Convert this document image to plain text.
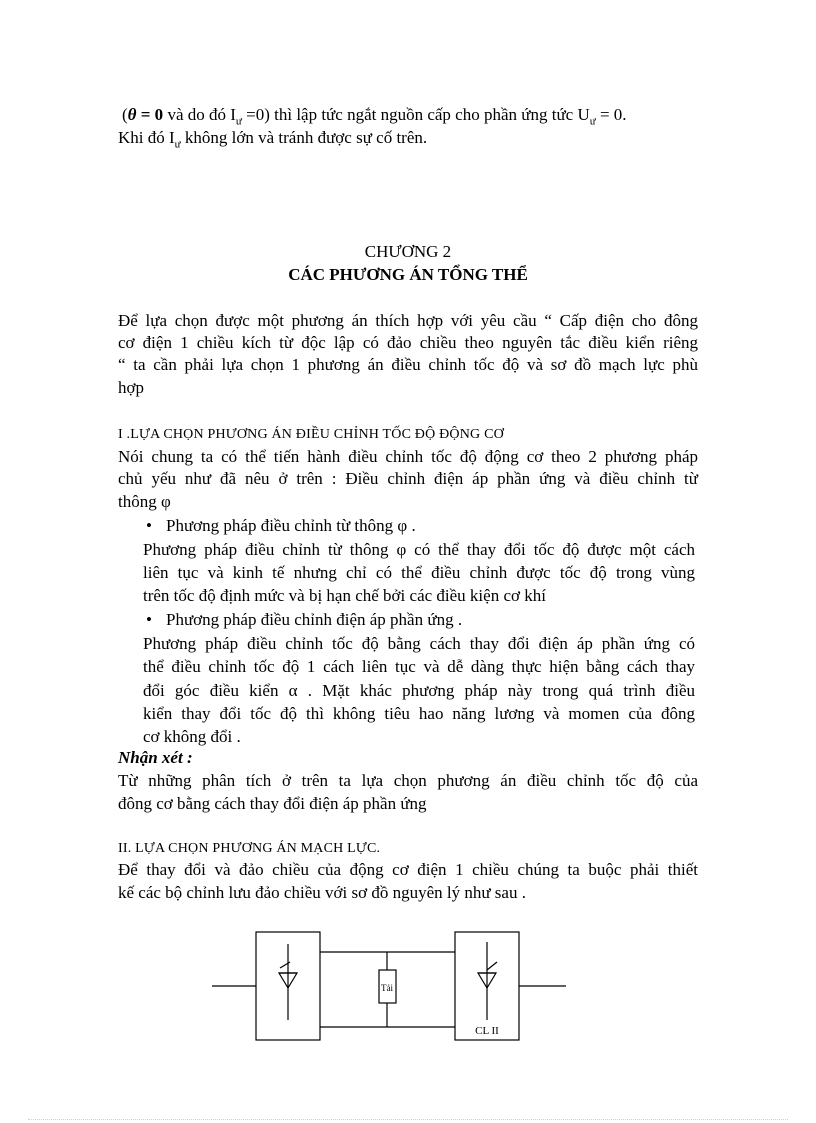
(θ = 0 và do đó $I_ư =0$) thì lập tức ngắt nguồn cấp cho phần ứng tức $U_ư = 0$.

Khi đó $I_ư$ không lớn và tránh được sự cố trên.

CHƯƠNG 2

CÁC PHƯƠNG ÁN TỔNG THỂ

Để lựa chọn được một phương án thích hợp với yêu cầu “ Cấp điện cho đông

cơ điện 1 chiều kích từ độc lập có đảo chiều theo nguyên tắc điều kiển riêng

“ ta cần phải lựa chọn 1 phương án điều chỉnh tốc độ và sơ đồ mạch lực phù

hợp

I .LỰA CHỌN PHƯƠNG ÁN ĐIỀU CHỈNH TỐC ĐỘ ĐỘNG CƠ

Nói chung ta có thể tiến hành điều chỉnh tốc độ động cơ theo 2 phương pháp

chủ yếu như đã nêu ở trên : Điều chỉnh điện áp phần ứng và điều chỉnh từ

thông φ

• Phương pháp điều chỉnh từ thông φ .

Phương pháp điều chỉnh từ thông φ có thể thay đổi tốc độ được một cách

liên tục và kinh tế nhưng chỉ có thể điều chỉnh được tốc độ trong vùng

trên tốc độ định mức và bị hạn chế bởi các điều kiện cơ khí

• Phương pháp điều chỉnh điện áp phần ứng .

Phương pháp điều chỉnh tốc độ bằng cách thay đổi điện áp phần ứng có

thể điều chỉnh tốc độ 1 cách liên tục và dễ dàng thực hiện bằng cách thay

đổi góc điều kiển α . Mặt khác phương pháp này trong quá trình điều

kiển thay đổi tốc độ thì không tiêu hao năng lương và momen của đông

cơ không đổi .

Nhận xét :

Từ những phân tích ở trên ta lựa chọn phương án điều chỉnh tốc độ của

đông cơ bằng cách thay đổi điện áp phần ứng

II. LỰA CHỌN PHƯƠNG ÁN MẠCH LỰC.

Để thay đổi và đảo chiều của động cơ điện 1 chiều chúng ta buộc phải thiết

kế các bộ chỉnh lưu đảo chiều với sơ đồ nguyên lý như sau .

Tải
CL II
